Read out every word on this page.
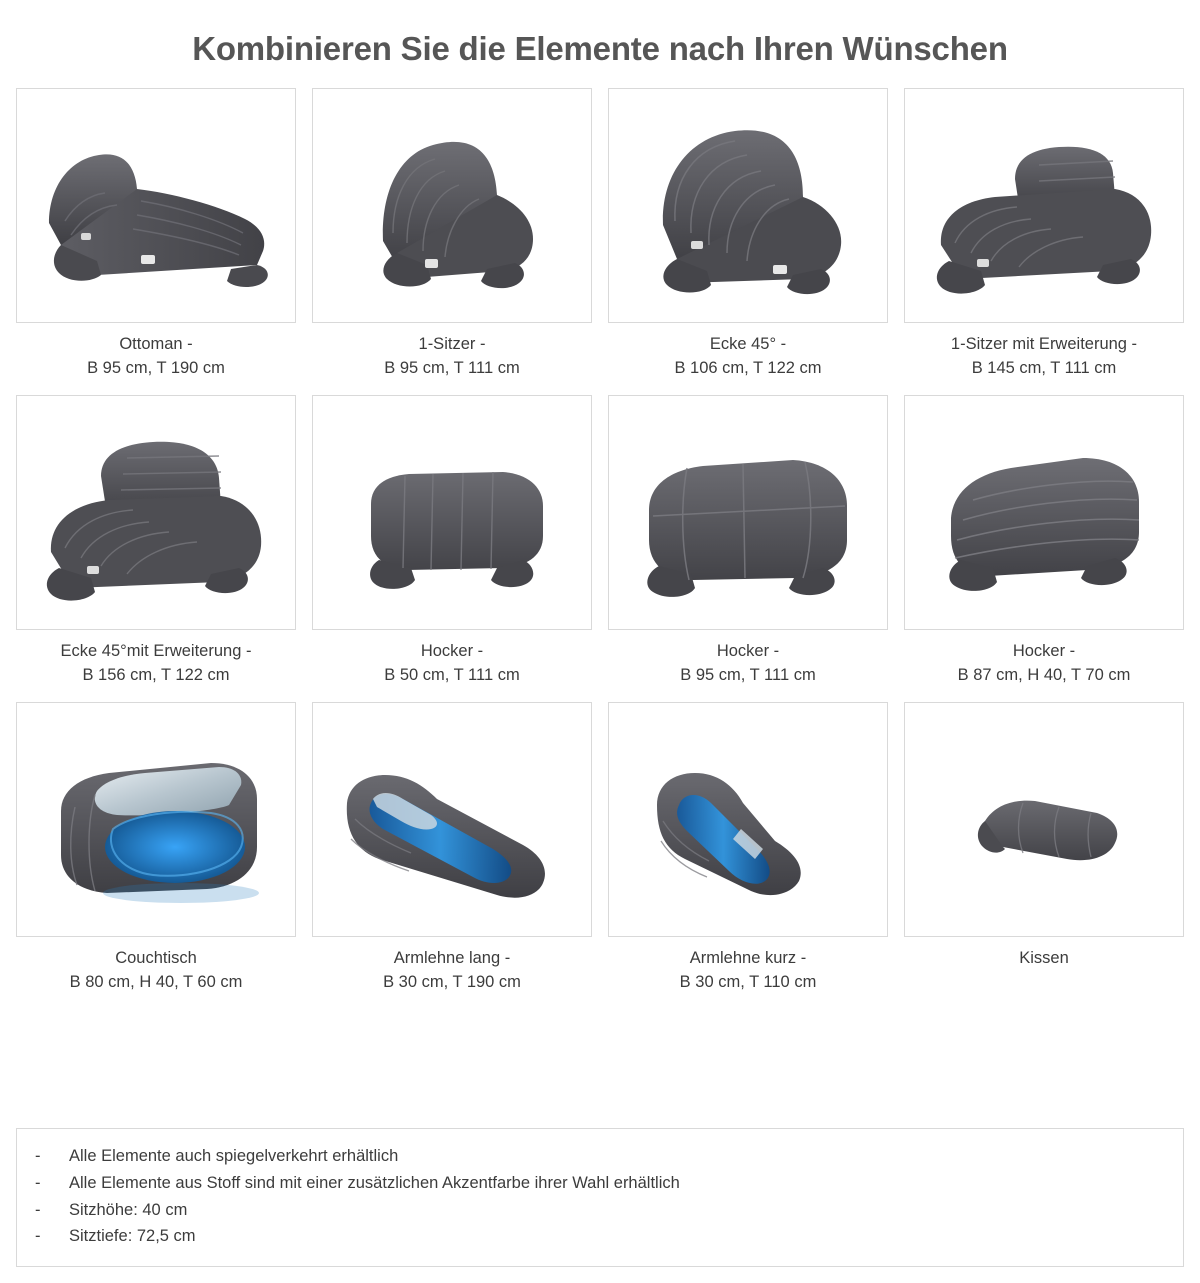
Kombinieren Sie die Elemente nach Ihren Wünschen
Ottoman -
B 95 cm, T 190 cm
1-Sitzer -
B 95 cm, T 111 cm
Ecke 45° -
B 106 cm, T 122 cm
1-Sitzer mit Erweiterung -
B 145 cm, T 111 cm
Ecke 45°mit Erweiterung -
B 156 cm, T 122 cm
Hocker -
B 50 cm, T 111 cm
Hocker -
B 95 cm, T 111 cm
Hocker -
B 87 cm, H 40, T 70 cm
Couchtisch
B 80 cm, H 40, T 60 cm
Armlehne lang -
B 30 cm, T 190 cm
Armlehne kurz -
B 30 cm, T 110 cm
Kissen
-	Alle Elemente auch spiegelverkehrt erhältlich
-	Alle Elemente aus Stoff sind mit einer zusätzlichen Akzentfarbe ihrer Wahl erhältlich
-	Sitzhöhe: 40 cm
-	Sitztiefe: 72,5 cm
